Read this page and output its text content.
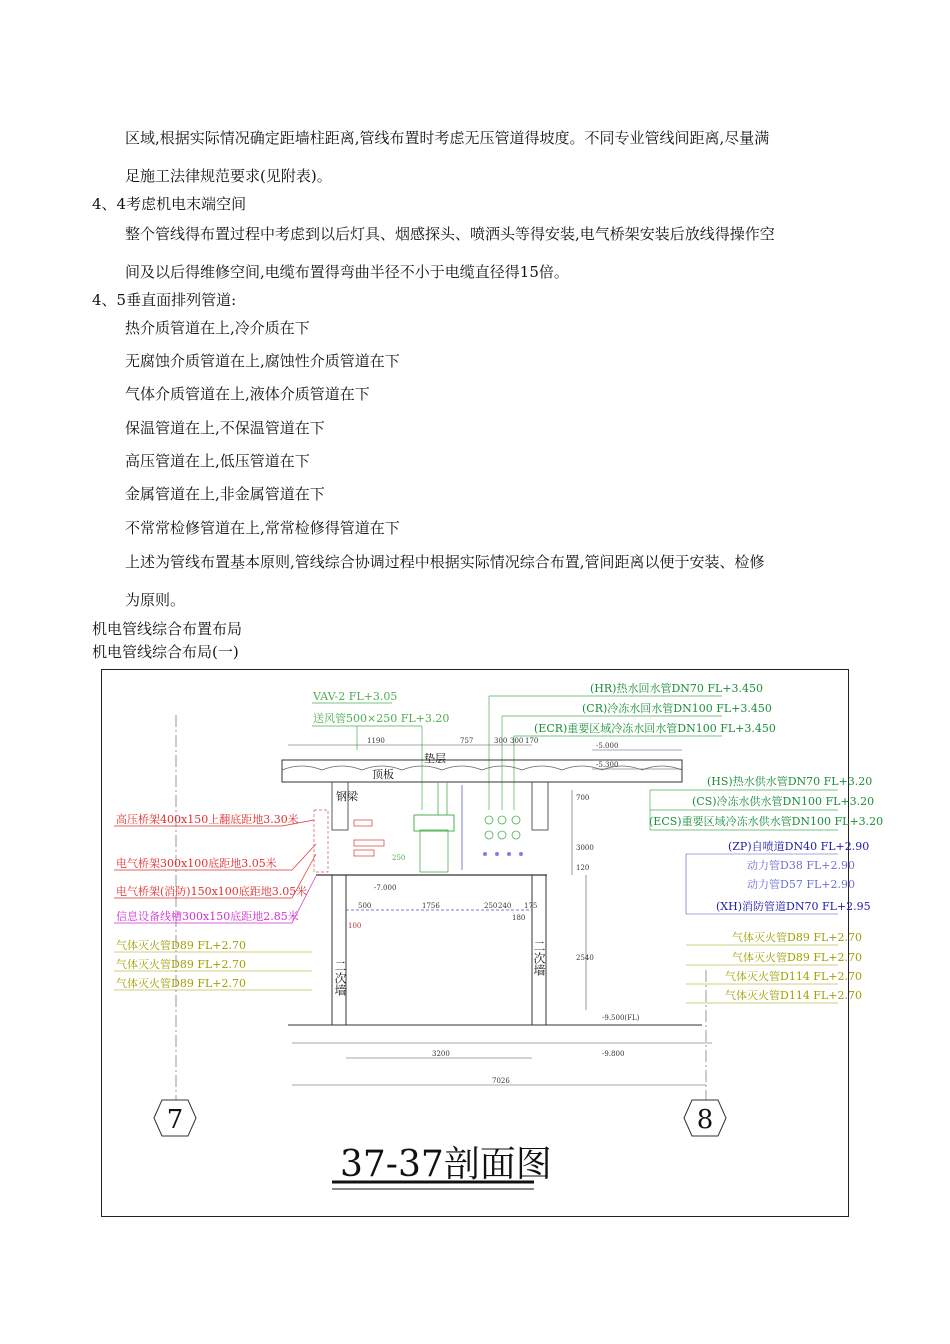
区域,根据实际情况确定距墙柱距离,管线布置时考虑无压管道得坡度。不同专业管线间距离,尽量满
足施工法律规范要求(见附表)。
4、4考虑机电末端空间
整个管线得布置过程中考虑到以后灯具、烟感探头、喷洒头等得安装,电气桥架安装后放线得操作空
间及以后得维修空间,电缆布置得弯曲半径不小于电缆直径得15倍。
4、5垂直面排列管道:
热介质管道在上,冷介质在下
无腐蚀介质管道在上,腐蚀性介质管道在下
气体介质管道在上,液体介质管道在下
保温管道在上,不保温管道在下
高压管道在上,低压管道在下
金属管道在上,非金属管道在下
不常常检修管道在上,常常检修得管道在下
上述为管线布置基本原则,管线综合协调过程中根据实际情况综合布置,管间距离以便于安装、检修
为原则。
机电管线综合布置布局
机电管线综合布局(一)
VAV-2 FL+3.05
送风管500×250 FL+3.20
(HR)热水回水管DN70 FL+3.450
(CR)冷冻水回水管DN100 FL+3.450
(ECR)重要区域冷冻水回水管DN100 FL+3.450
1190	757	300 300 170
顶板
垫层
-5.000
-5.300
钢梁
-7.000
二次墙
二次墙
500	1756	250 240 175
180
100
700
3000
120
2540
250
-9.500(FL)
-9.800
3200
7026
高压桥架400x150上翻底距地3.30米
电气桥架300x100底距地3.05米
电气桥架(消防)150x100底距地3.05米
信息设备线槽300x150底距地2.85米
气体灭火管D89 FL+2.70
气体灭火管D89 FL+2.70
气体灭火管D89 FL+2.70
(HS)热水供水管DN70 FL+3.20
(CS)冷冻水供水管DN100 FL+3.20
(ECS)重要区域冷冻水供水管DN100 FL+3.20
(ZP)自喷道DN40 FL+2.90
动力管D38 FL+2.90
动力管D57 FL+2.90
(XH)消防管道DN70 FL+2.95
气体灭火管D89 FL+2.70
气体灭火管D89 FL+2.70
气体灭火管D114 FL+2.70
气体灭火管D114 FL+2.70
7	8
37-37剖面图
